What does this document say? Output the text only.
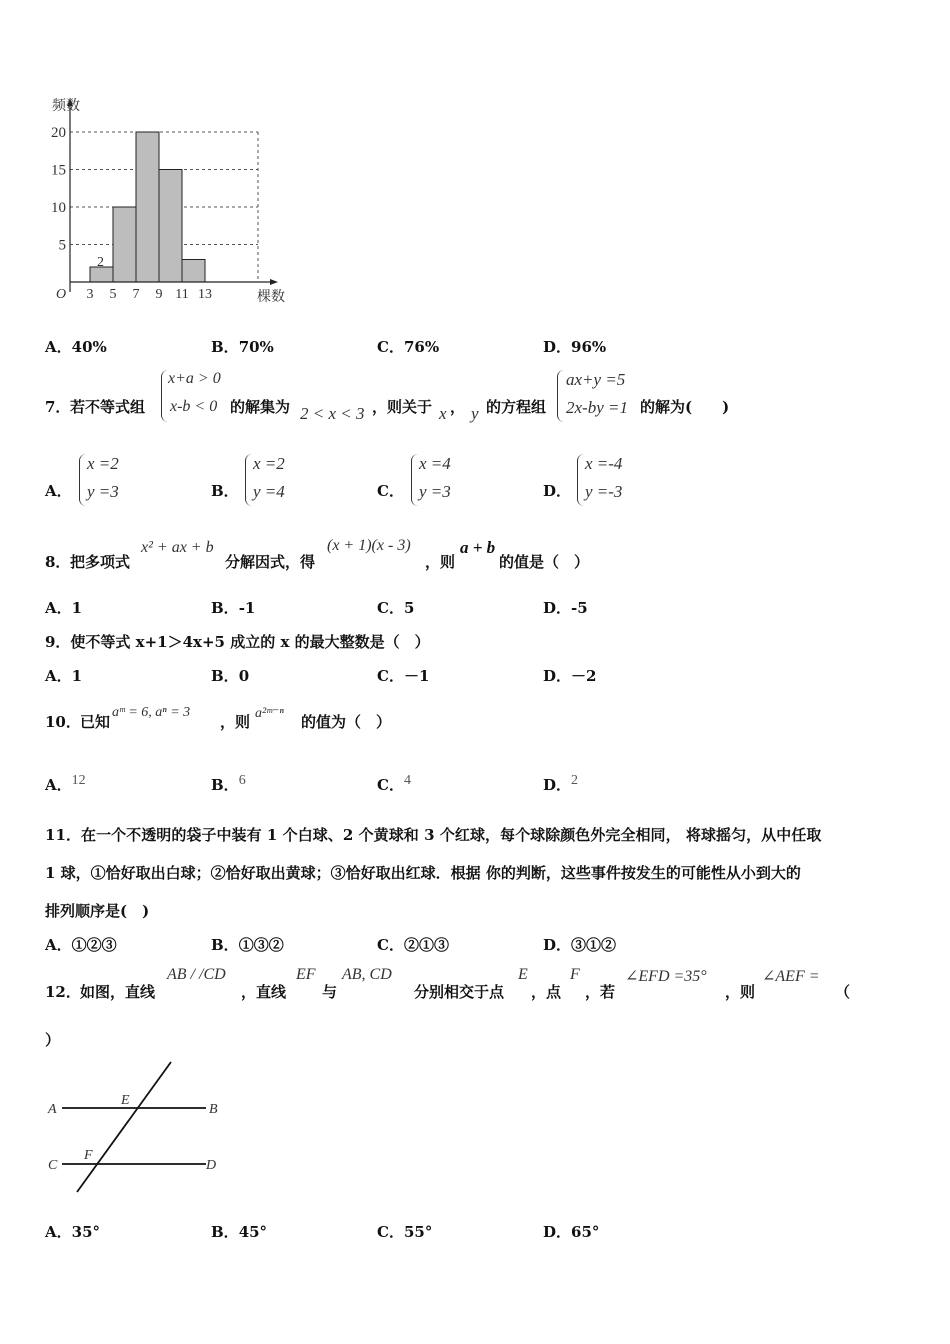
5
10
15
20
3 5 7 9 11 13
频数
棵数
O
2
A．40%	B．70%	C．76%	D．96%
7． 若不等式组
x+a > 0
x-b < 0 的解集为 2 < x < 3 ，则关于 x ， y 的方程组
ax+y =5
2x-by =1 的解为(　　)
A．
x =2
y =3	B．
x =2
y =4	C．
x =4
y =3	D．
x =-4
y =-3
8． 把多项式
x² + ax + b
分解因式，得
(x + 1)(x - 3)
，则
a + b
的值是（　）
A．1	B．-1	C．5	D．-5
9．使不等式 x+1＞4x+5 成立的 x 的最大整数是（　）
A．1	B．0	C．－1	D．－2
10． 已知
aᵐ = 6, aⁿ = 3
，则 a²ᵐ⁻ⁿ 的值为（　）
A．12	B．6	C．4	D．2
11．在一个不透明的袋子中装有 1 个白球、2 个黄球和 3 个红球，每个球除颜色外完全相同， 将球摇匀，从中任取
1 球，①恰好取出白球；②恰好取出黄球；③恰好取出红球．根据 你的判断，这些事件按发生的可能性从小到大的
排列顺序是(　)
A．①②③	B．①③②	C．②①③	D．③①②
12． 如图，直线
AB / /CD
，直线
EF
与
AB, CD
分别相交于点
E
，点
F
，若
∠EFD =35°
，则
∠AEF =
（
）
A	B
C	D
E
F
A．35°	B．45°	C．55°	D．65°
